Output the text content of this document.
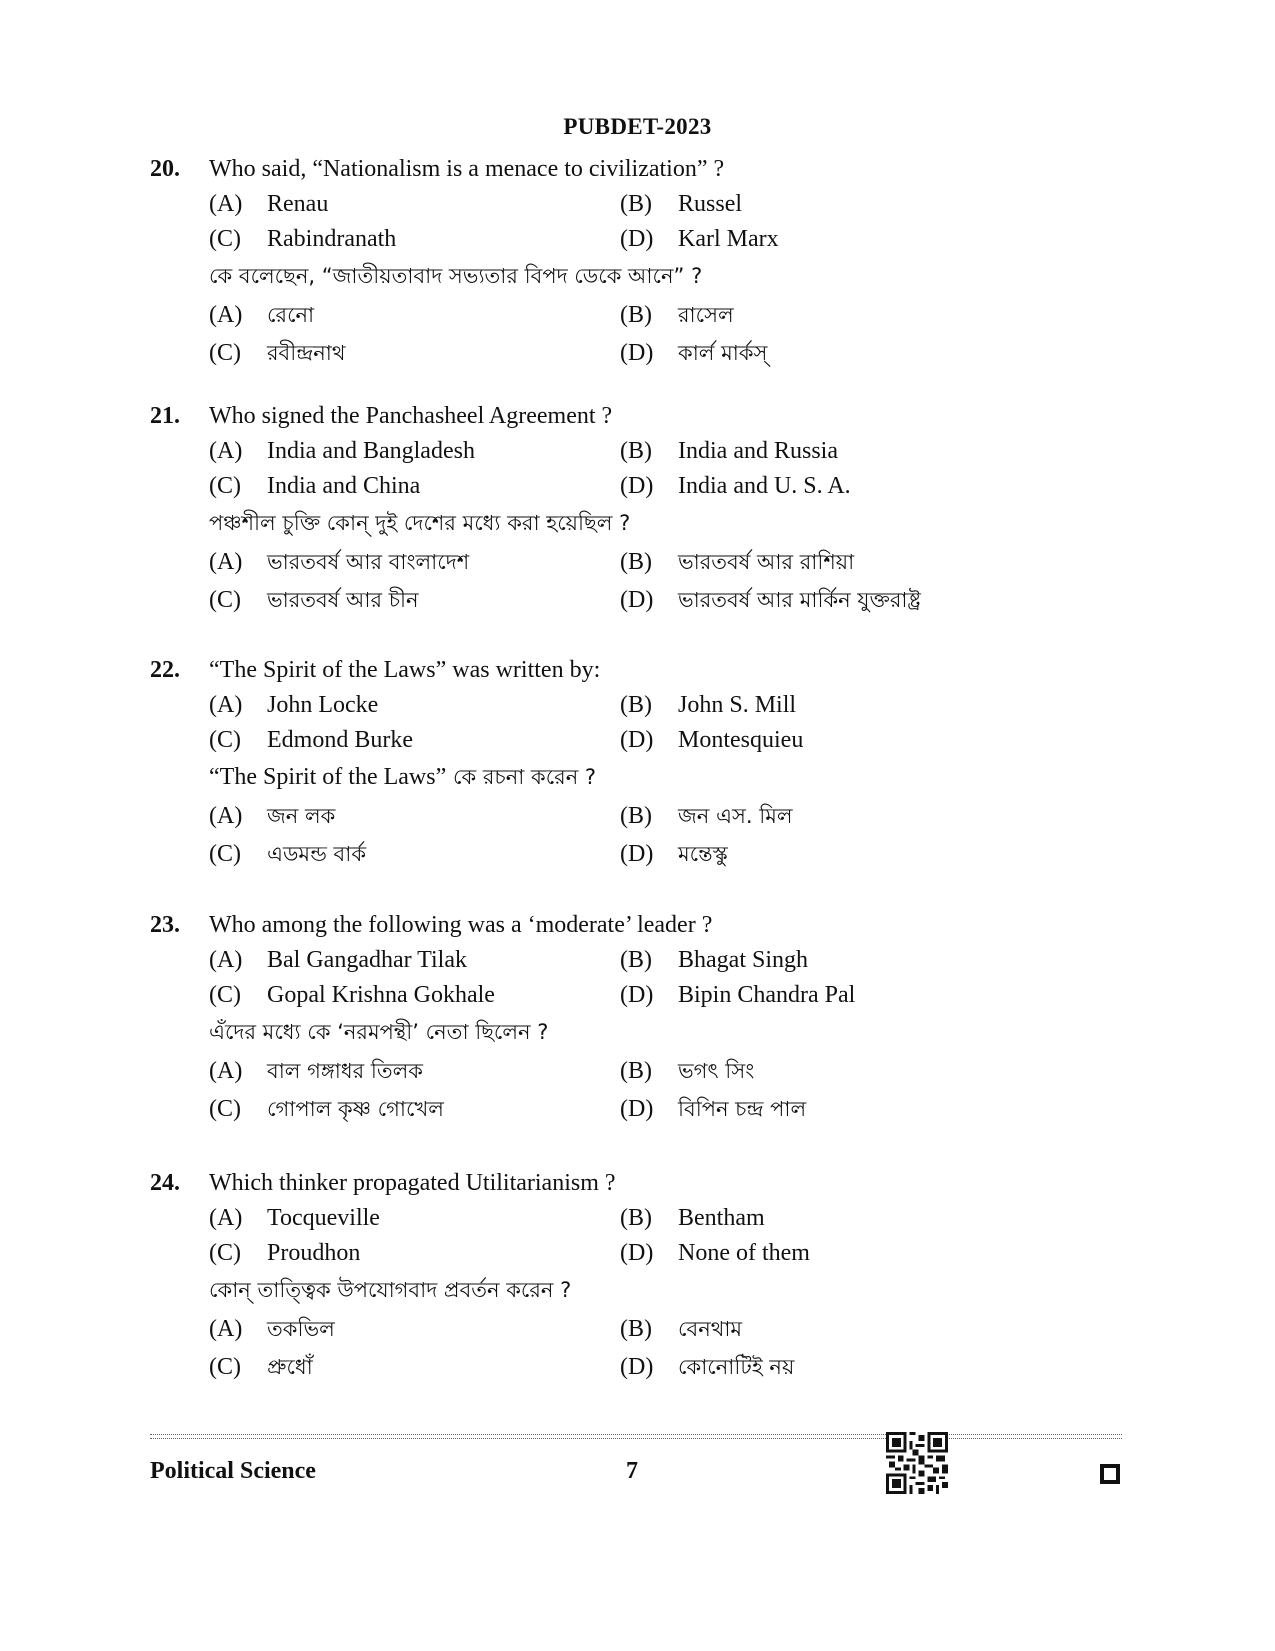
PUBDET-2023
20. Who said, “Nationalism is a menace to civilization” ?
(A) Renau	(B) Russel
(C) Rabindranath	(D) Karl Marx
কে বলেছেন, “জাতীয়তাবাদ সভ্যতার বিপদ ডেকে আনে” ?
(A) রেনো	(B) রাসেল
(C) রবীন্দ্রনাথ	(D) কার্ল মার্কস্
21. Who signed the Panchasheel Agreement ?
(A) India and Bangladesh	(B) India and Russia
(C) India and China	(D) India and U. S. A.
পঞ্চশীল চুক্তি কোন্ দুই দেশের মধ্যে করা হয়েছিল ?
(A) ভারতবর্ষ আর বাংলাদেশ	(B) ভারতবর্ষ আর রাশিয়া
(C) ভারতবর্ষ আর চীন	(D) ভারতবর্ষ আর মার্কিন যুক্তরাষ্ট্র
22. “The Spirit of the Laws” was written by:
(A) John Locke	(B) John S. Mill
(C) Edmond Burke	(D) Montesquieu
“The Spirit of the Laws” কে রচনা করেন ?
(A) জন লক	(B) জন এস. মিল
(C) এডমন্ড বার্ক	(D) মন্তেস্কু
23. Who among the following was a ‘moderate’ leader ?
(A) Bal Gangadhar Tilak	(B) Bhagat Singh
(C) Gopal Krishna Gokhale	(D) Bipin Chandra Pal
এঁদের মধ্যে কে ‘নরমপন্থী’ নেতা ছিলেন ?
(A) বাল গঙ্গাধর তিলক	(B) ভগৎ সিং
(C) গোপাল কৃষ্ণ গোখেল	(D) বিপিন চন্দ্র পাল
24. Which thinker propagated Utilitarianism ?
(A) Tocqueville	(B) Bentham
(C) Proudhon	(D) None of them
কোন্ তাত্ত্বিক উপযোগবাদ প্রবর্তন করেন ?
(A) তকভিল	(B) বেনথাম
(C) প্রুধোঁ	(D) কোনোটিই নয়
Political Science	7
